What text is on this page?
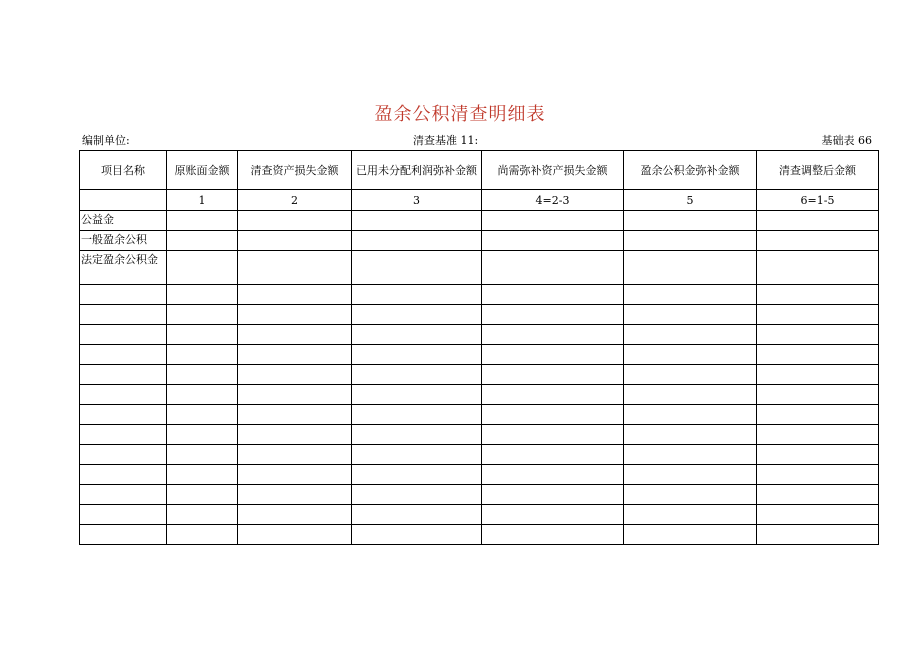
盈余公积清查明细表
编制单位:	清查基准 11:	基础表 66
项目名称	原账面金额	清查资产损失金额	已用未分配利润弥补金额	尚需弥补资产损失金额	盈余公积金弥补金额	清查调整后金额
	1	2	3	4=2-3	5	6=1-5
公益金						
一般盈余公积						
法定盈余公积金						
